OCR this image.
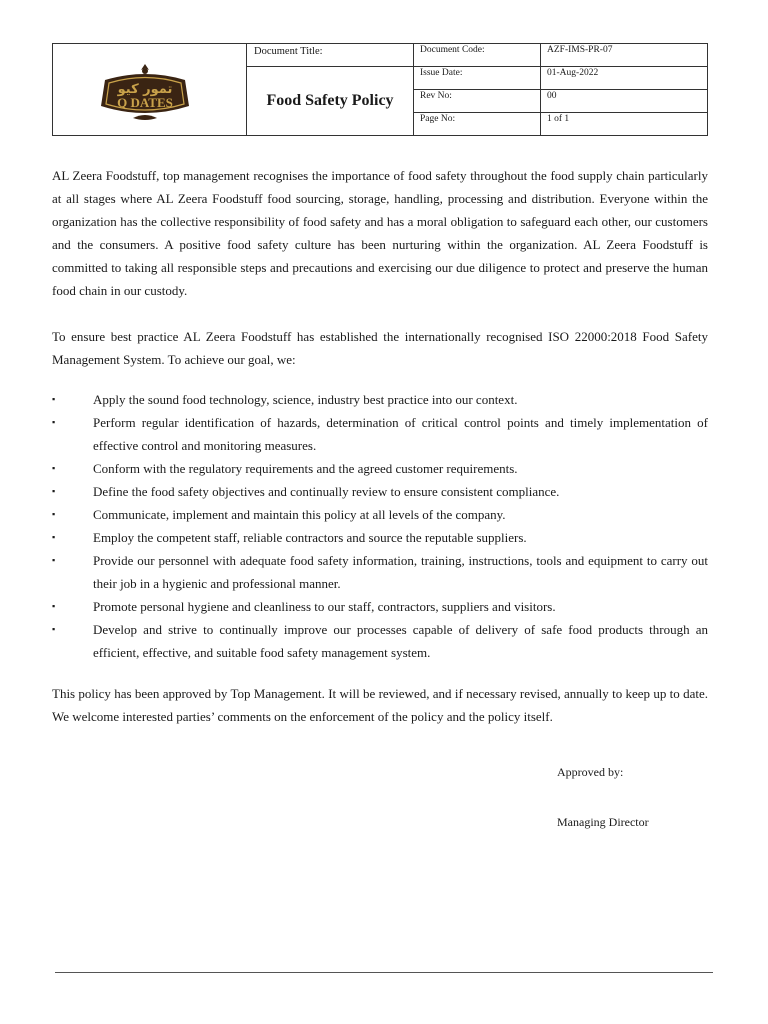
تمور كيو
Q DATES	Document Title:	Document Code:	AZF-IMS-PR-07
	Food Safety Policy	Issue Date:	01-Aug-2022
		Rev No:	00
		Page No:	1 of 1

AL Zeera Foodstuff, top management recognises the importance of food safety throughout the food supply chain particularly at all stages where AL Zeera Foodstuff food sourcing, storage, handling, processing and distribution. Everyone within the organization has the collective responsibility of food safety and has a moral obligation to safeguard each other, our customers and the consumers. A positive food safety culture has been nurturing within the organization. AL Zeera Foodstuff is committed to taking all responsible steps and precautions and exercising our due diligence to protect and preserve the human food chain in our custody.

To ensure best practice AL Zeera Foodstuff has established the internationally recognised ISO 22000:2018 Food Safety Management System. To achieve our goal, we:

▪	Apply the sound food technology, science, industry best practice into our context.
▪	Perform regular identification of hazards, determination of critical control points and timely implementation of effective control and monitoring measures.
▪	Conform with the regulatory requirements and the agreed customer requirements.
▪	Define the food safety objectives and continually review to ensure consistent compliance.
▪	Communicate, implement and maintain this policy at all levels of the company.
▪	Employ the competent staff, reliable contractors and source the reputable suppliers.
▪	Provide our personnel with adequate food safety information, training, instructions, tools and equipment to carry out their job in a hygienic and professional manner.
▪	Promote personal hygiene and cleanliness to our staff, contractors, suppliers and visitors.
▪	Develop and strive to continually improve our processes capable of delivery of safe food products through an efficient, effective, and suitable food safety management system.

This policy has been approved by Top Management. It will be reviewed, and if necessary revised, annually to keep up to date. We welcome interested parties’ comments on the enforcement of the policy and the policy itself.

Approved by:
Managing Director
